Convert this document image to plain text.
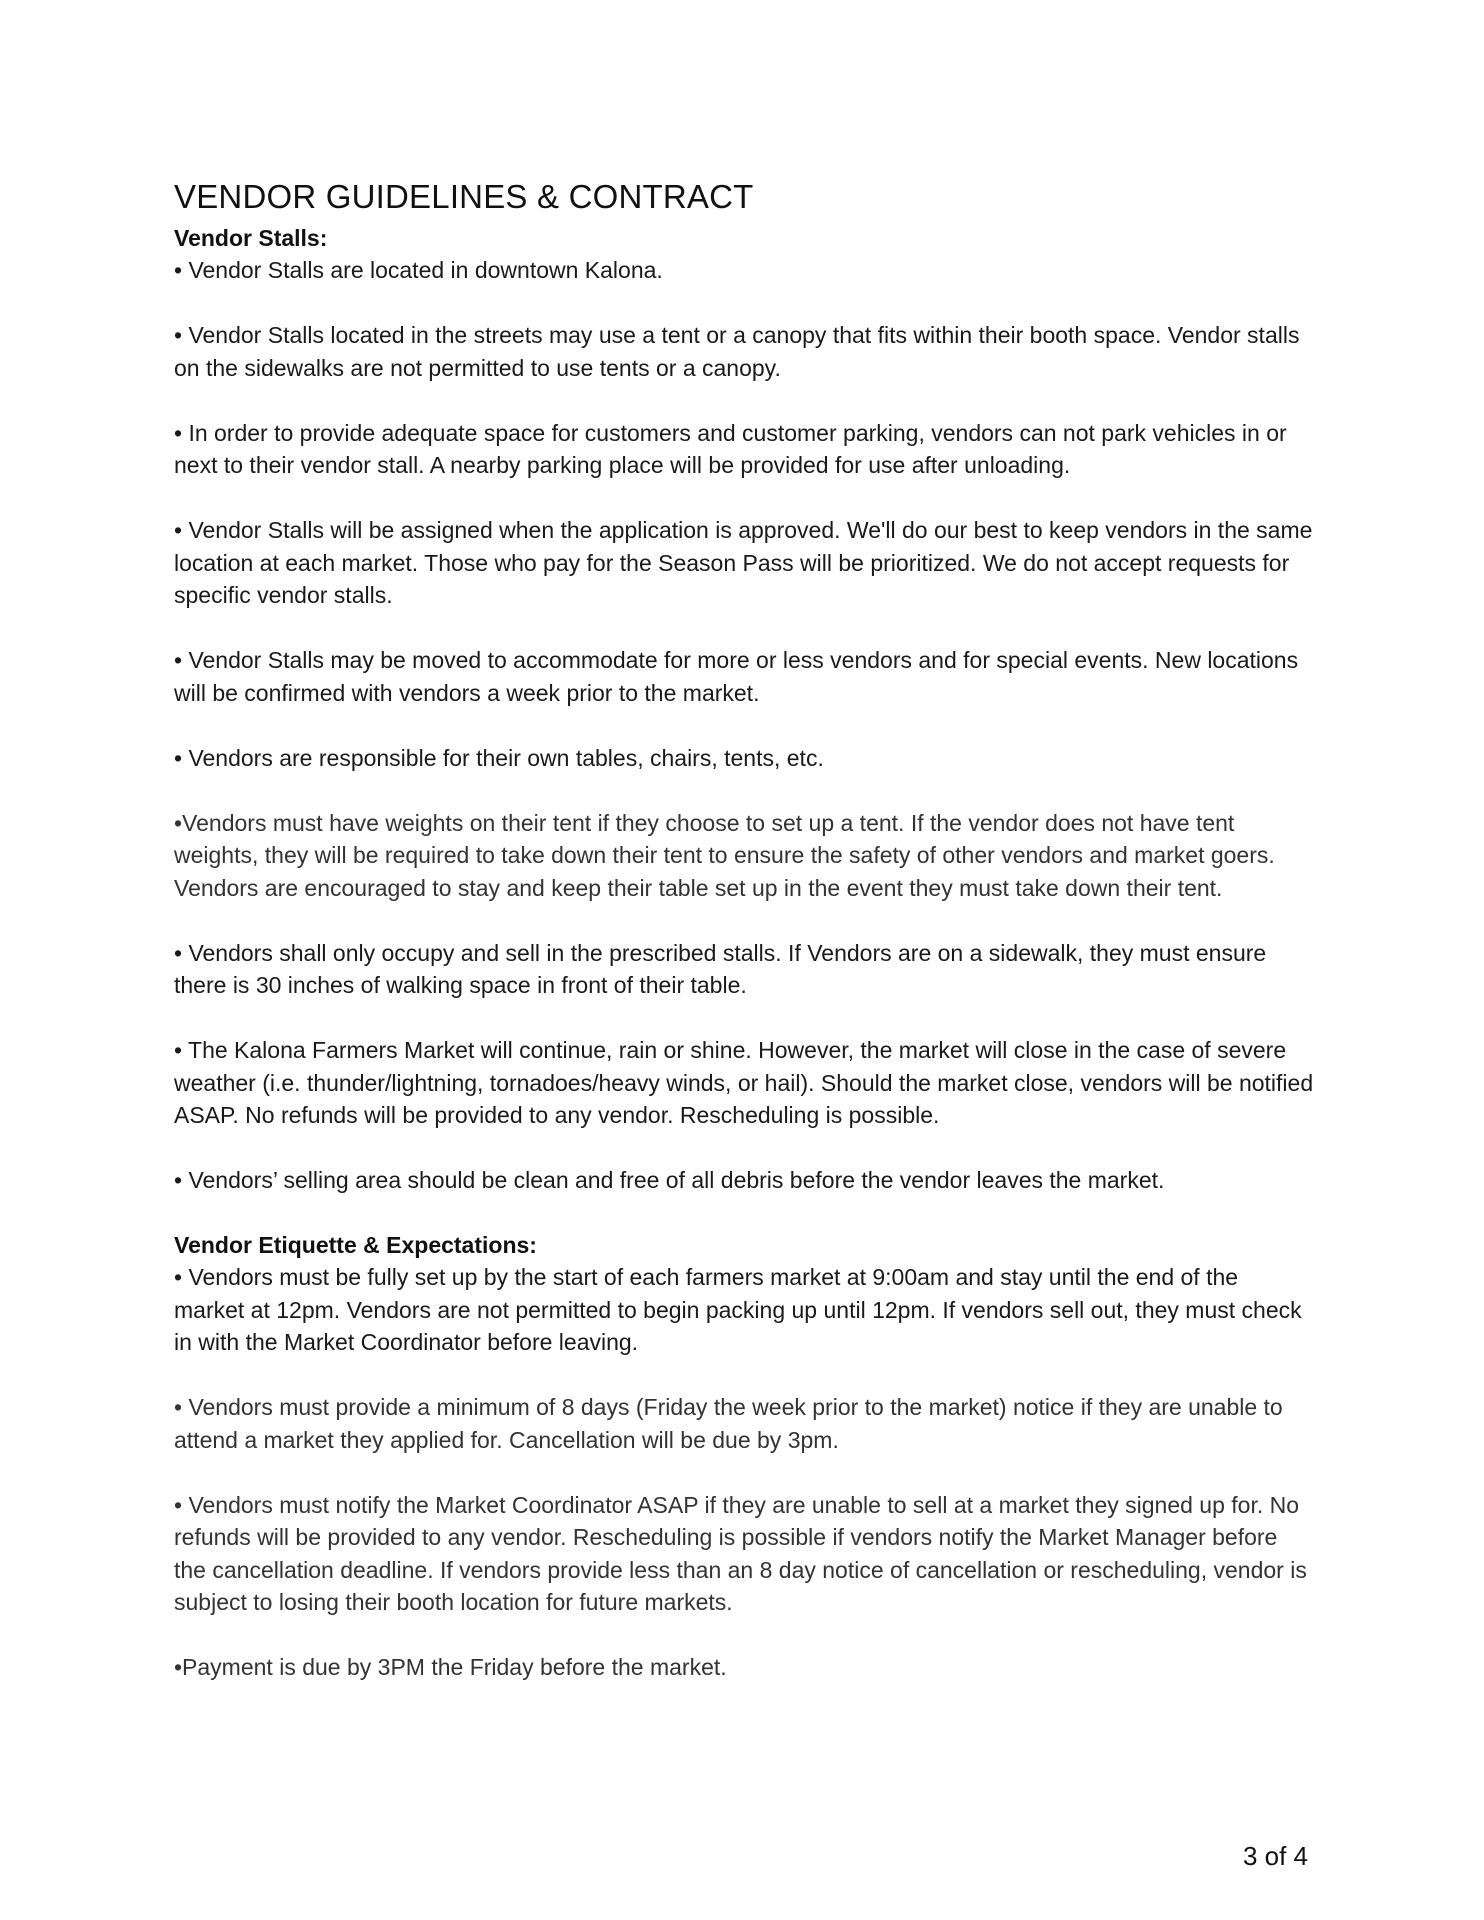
VENDOR GUIDELINES & CONTRACT
Vendor Stalls:

• Vendor Stalls are located in downtown Kalona.

• Vendor Stalls located in the streets may use a tent or a canopy that fits within their booth space. Vendor stalls on the sidewalks are not permitted to use tents or a canopy.

• In order to provide adequate space for customers and customer parking, vendors can not park vehicles in or next to their vendor stall. A nearby parking place will be provided for use after unloading.

• Vendor Stalls will be assigned when the application is approved. We'll do our best to keep vendors in the same location at each market. Those who pay for the Season Pass will be prioritized. We do not accept requests for specific vendor stalls.

• Vendor Stalls may be moved to accommodate for more or less vendors and for special events. New locations will be confirmed with vendors a week prior to the market.

• Vendors are responsible for their own tables, chairs, tents, etc.

•Vendors must have weights on their tent if they choose to set up a tent. If the vendor does not have tent weights, they will be required to take down their tent to ensure the safety of other vendors and market goers. Vendors are encouraged to stay and keep their table set up in the event they must take down their tent.

• Vendors shall only occupy and sell in the prescribed stalls. If Vendors are on a sidewalk, they must ensure there is 30 inches of walking space in front of their table.

• The Kalona Farmers Market will continue, rain or shine. However, the market will close in the case of severe weather (i.e. thunder/lightning, tornadoes/heavy winds, or hail). Should the market close, vendors will be notified ASAP. No refunds will be provided to any vendor. Rescheduling is possible.

• Vendors’ selling area should be clean and free of all debris before the vendor leaves the market.

Vendor Etiquette & Expectations:

• Vendors must be fully set up by the start of each farmers market at 9:00am and stay until the end of the market at 12pm. Vendors are not permitted to begin packing up until 12pm. If vendors sell out, they must check in with the Market Coordinator before leaving.

• Vendors must provide a minimum of 8 days (Friday the week prior to the market) notice if they are unable to attend a market they applied for. Cancellation will be due by 3pm.

• Vendors must notify the Market Coordinator ASAP if they are unable to sell at a market they signed up for. No refunds will be provided to any vendor. Rescheduling is possible if vendors notify the Market Manager before the cancellation deadline. If vendors provide less than an 8 day notice of cancellation or rescheduling, vendor is subject to losing their booth location for future markets.

•Payment is due by 3PM the Friday before the market.

3 of 4
